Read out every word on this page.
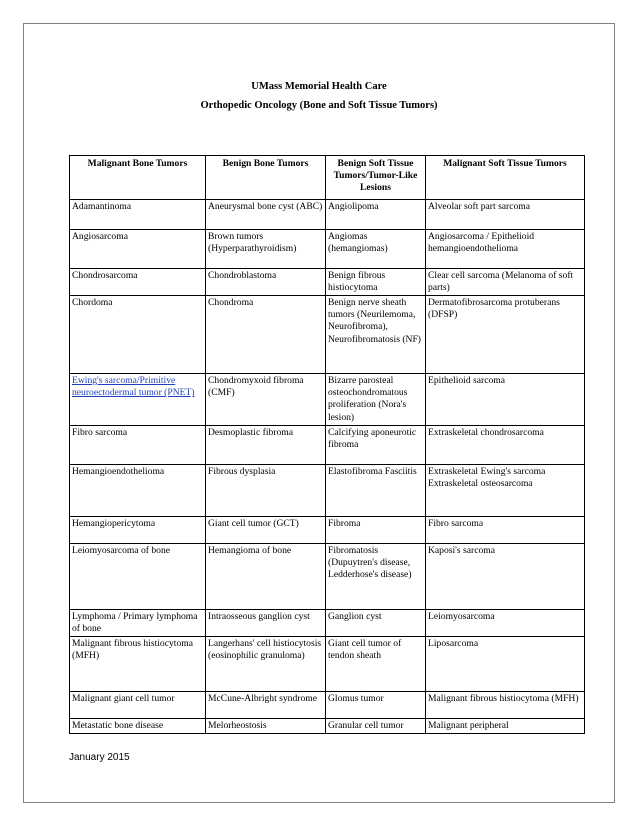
UMass Memorial Health Care
Orthopedic Oncology (Bone and Soft Tissue Tumors)
Malignant Bone Tumors	Benign Bone Tumors	Benign Soft Tissue Tumors/Tumor-Like Lesions	Malignant Soft Tissue Tumors
Adamantinoma	Aneurysmal bone cyst (ABC)	Angiolipoma	Alveolar soft part sarcoma
Angiosarcoma	Brown tumors (Hyperparathyroidism)	Angiomas (hemangiomas)	Angiosarcoma / Epithelioid hemangioendothelioma
Chondrosarcoma	Chondroblastoma	Benign fibrous histiocytoma	Clear cell sarcoma (Melanoma of soft parts)
Chordoma	Chondroma	Benign nerve sheath tumors (Neurilemoma, Neurofibroma), Neurofibromatosis (NF)	Dermatofibrosarcoma protuberans (DFSP)
Ewing's sarcoma/Primitive neuroectodermal tumor (PNET)	Chondromyxoid fibroma (CMF)	Bizarre parosteal osteochondromatous proliferation (Nora's lesion)	Epithelioid sarcoma
Fibro sarcoma	Desmoplastic fibroma	Calcifying aponeurotic fibroma	Extraskeletal chondrosarcoma
Hemangioendothelioma	Fibrous dysplasia	Elastofibroma Fasciitis	Extraskeletal Ewing's sarcoma Extraskeletal osteosarcoma
Hemangiopericytoma	Giant cell tumor (GCT)	Fibroma	Fibro sarcoma
Leiomyosarcoma of bone	Hemangioma of bone	Fibromatosis (Dupuytren's disease, Ledderhose's disease)	Kaposi's sarcoma
Lymphoma / Primary lymphoma of bone	Intraosseous ganglion cyst	Ganglion cyst	Leiomyosarcoma
Malignant fibrous histiocytoma (MFH)	Langerhans' cell histiocytosis (eosinophilic granuloma)	Giant cell tumor of tendon sheath	Liposarcoma
Malignant giant cell tumor	McCune-Albright syndrome	Glomus tumor	Malignant fibrous histiocytoma (MFH)
Metastatic bone disease	Melorheostosis	Granular cell tumor	Malignant peripheral
January 2015
